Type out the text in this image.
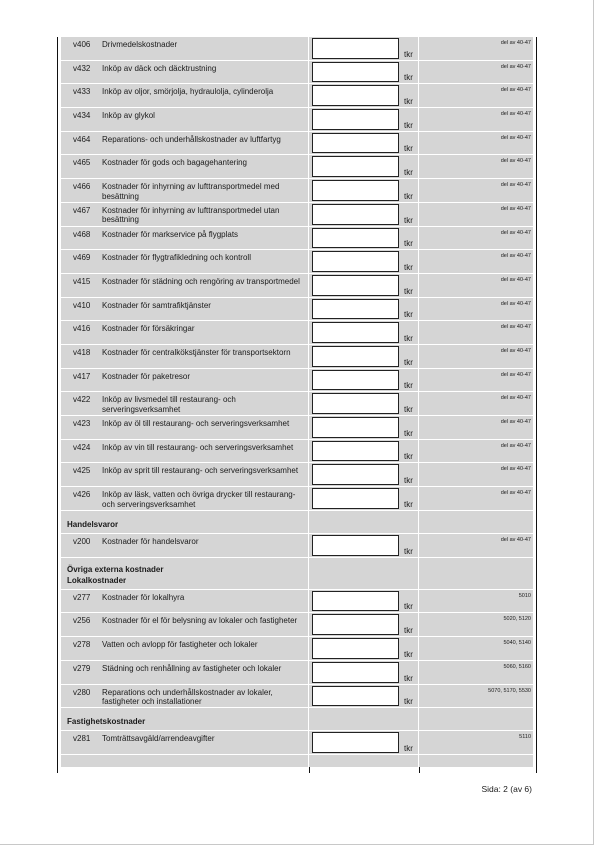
v406 Drivmedelskostnader
tkr
del av 40-47
v432 Inköp av däck och däcktrustning
tkr
del av 40-47
v433 Inköp av oljor, smörjolja, hydraulolja, cylinderolja
tkr
del av 40-47
v434 Inköp av glykol
tkr
del av 40-47
v464 Reparations- och underhållskostnader av luftfartyg
tkr
del av 40-47
v465 Kostnader för gods och bagagehantering
tkr
del av 40-47
v466 Kostnader för inhyrning av lufttransportmedel med besättning	tkr
del av 40-47
v467 Kostnader för inhyrning av lufttransportmedel utan besättning	tkr
del av 40-47
v468 Kostnader för markservice på flygplats
tkr
del av 40-47
v469 Kostnader för flygtrafikledning och kontroll
tkr
del av 40-47
v415 Kostnader för städning och rengöring av transportmedel
tkr
del av 40-47
v410 Kostnader för samtrafiktjänster
tkr
del av 40-47
v416 Kostnader för försäkringar
tkr
del av 40-47
v418 Kostnader för centralkökstjänster för transportsektorn
tkr
del av 40-47
v417 Kostnader för paketresor
tkr
del av 40-47
v422 Inköp av livsmedel till restaurang- och serveringsverksamhet	tkr
del av 40-47
v423 Inköp av öl till restaurang- och serveringsverksamhet
tkr
del av 40-47
v424 Inköp av vin till restaurang- och serveringsverksamhet
tkr
del av 40-47
v425 Inköp av sprit till restaurang- och serveringsverksamhet
tkr
del av 40-47
v426 Inköp av läsk, vatten och övriga drycker till restaurang- och serveringsverksamhet	tkr
del av 40-47
Handelsvaror
v200 Kostnader för handelsvaror
tkr
del av 40-47
Övriga externa kostnader
Lokalkostnader
v277 Kostnader för lokalhyra
tkr
5010
v256 Kostnader för el för belysning av lokaler och fastigheter
tkr
5020, 5120
v278 Vatten och avlopp för fastigheter och lokaler
tkr
5040, 5140
v279 Städning och renhållning av fastigheter och lokaler
tkr
5060, 5160
v280 Reparations och underhållskostnader av lokaler, fastigheter och installationer	tkr
5070, 5170, 5530
Fastighetskostnader
v281 Tomträttsavgäld/arrendeavgifter
tkr
5110
Sida: 2 (av 6)
